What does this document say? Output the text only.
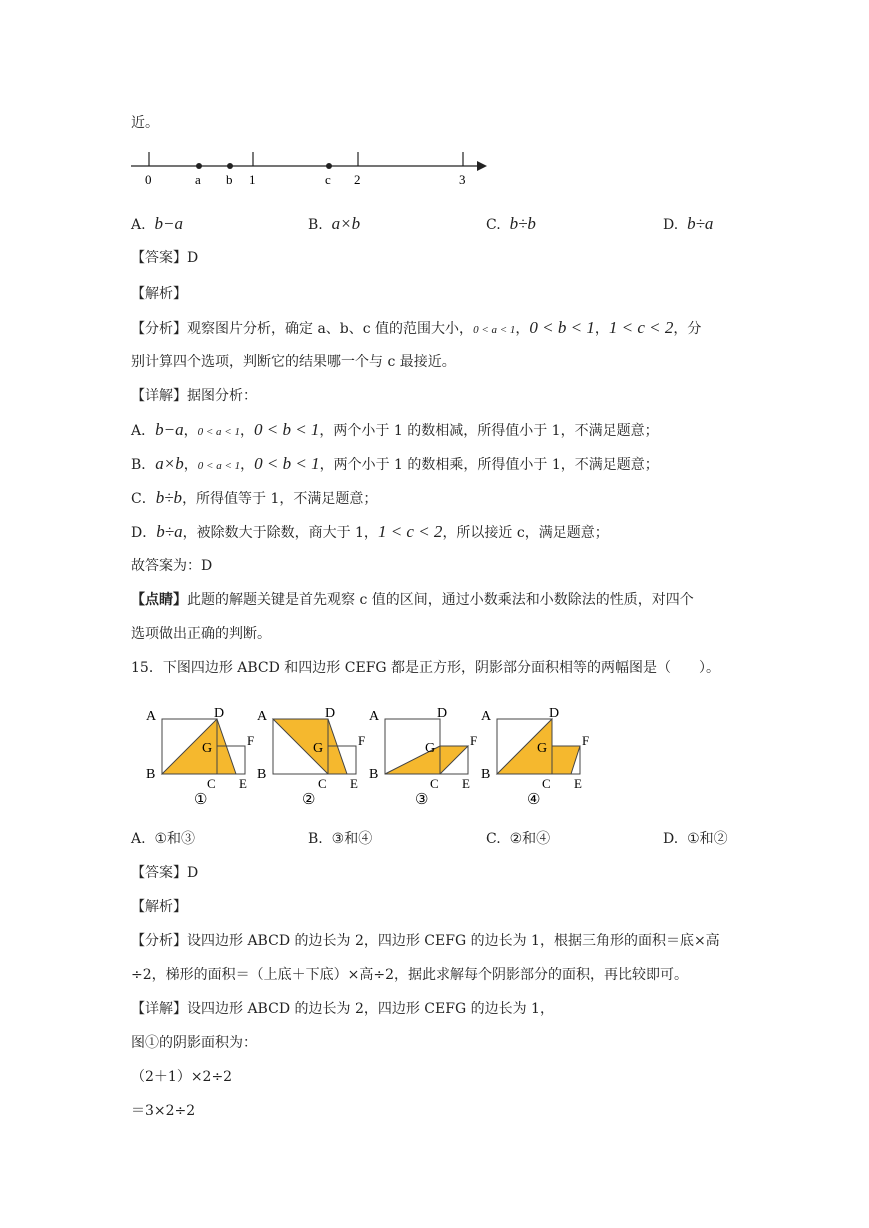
近。
0	1	2	3
a b	c
A. b−a	B. a×b	C. b÷b	D. b÷a
【答案】D
【解析】
【分析】观察图片分析，确定 a、b、c 值的范围大小，0 < a < 1，0 < b < 1，1 < c < 2，分
别计算四个选项，判断它的结果哪一个与 c 最接近。
【详解】据图分析：
A．b−a，0 < a < 1，0 < b < 1，两个小于 1 的数相减，所得值小于 1，不满足题意；
B．a×b，0 < a < 1，0 < b < 1，两个小于 1 的数相乘，所得值小于 1，不满足题意；
C．b÷b，所得值等于 1，不满足题意；
D．b÷a，被除数大于除数，商大于 1，1 < c < 2，所以接近 c，满足题意；
故答案为：D
【点睛】此题的解题关键是首先观察 c 值的区间，通过小数乘法和小数除法的性质，对四个
选项做出正确的判断。
15．下图四边形 ABCD 和四边形 CEFG 都是正方形，阴影部分面积相等的两幅图是（　　）。
A	D
B
C E
F
G
①
A	D
B
C E
F
G
②
A	D
B
C E
F
G
③
A	D
B
C E
F
G
④
A. ①和③	B. ③和④	C. ②和④	D. ①和②
【答案】D
【解析】
【分析】设四边形 ABCD 的边长为 2，四边形 CEFG 的边长为 1，根据三角形的面积＝底×高
÷2，梯形的面积＝（上底＋下底）×高÷2，据此求解每个阴影部分的面积，再比较即可。
【详解】设四边形 ABCD 的边长为 2，四边形 CEFG 的边长为 1，
图①的阴影面积为：
（2＋1）×2÷2
＝3×2÷2
